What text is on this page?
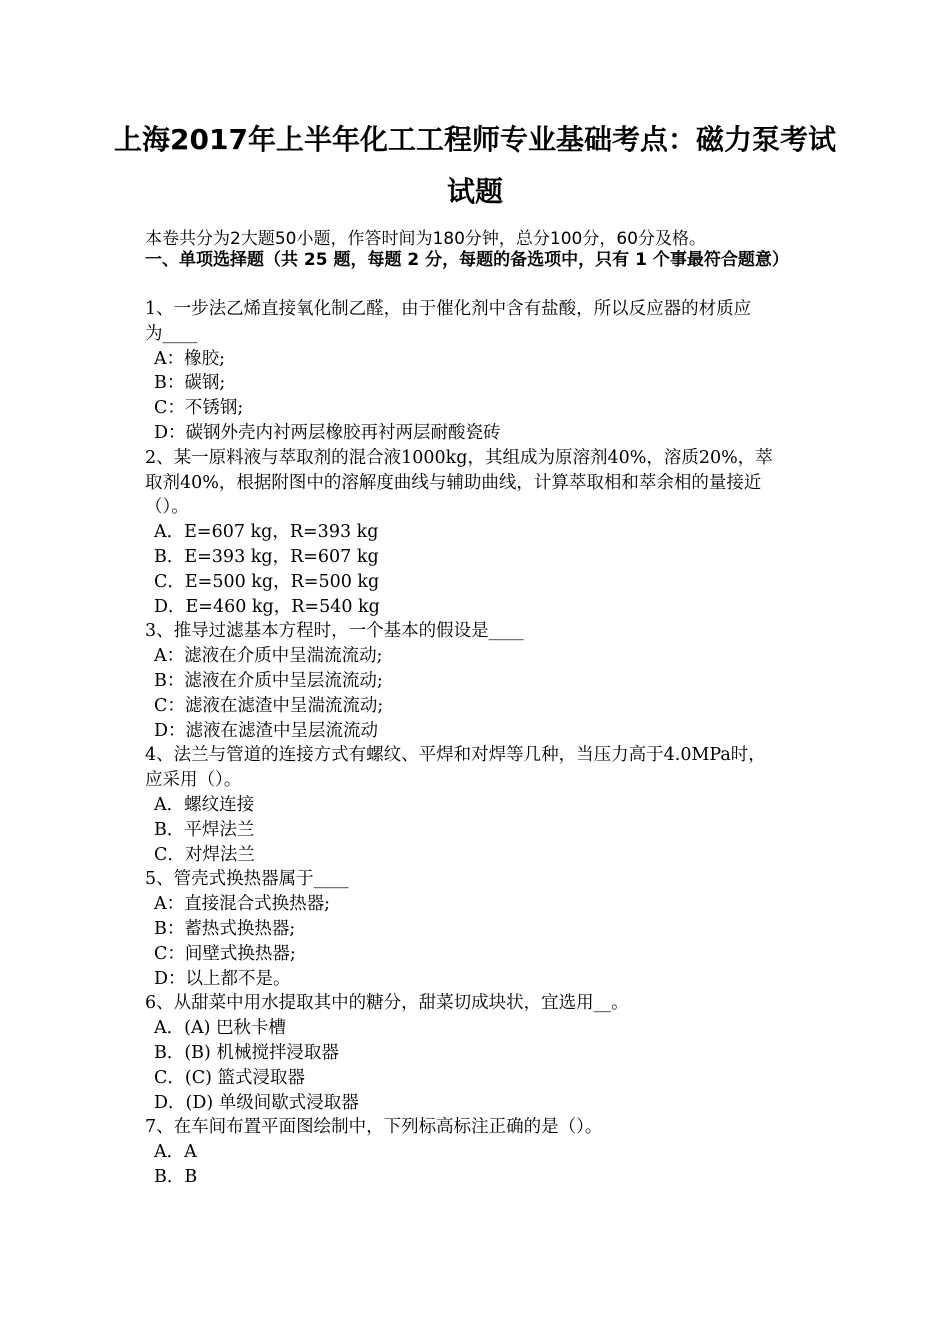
上海2017年上半年化工工程师专业基础考点：磁力泵考试
试题
本卷共分为2大题50小题，作答时间为180分钟，总分100分，60分及格。
一、单项选择题（共 25 题，每题 2 分，每题的备选项中，只有 1 个事最符合题意）
1、一步法乙烯直接氧化制乙醛，由于催化剂中含有盐酸，所以反应器的材质应
为____
A：橡胶;
B：碳钢;
C：不锈钢;
D：碳钢外壳内衬两层橡胶再衬两层耐酸瓷砖
2、某一原料液与萃取剂的混合液1000kg，其组成为原溶剂40%，溶质20%，萃
取剂40%，根据附图中的溶解度曲线与辅助曲线，计算萃取相和萃余相的量接近
（）。
A．E=607 kg，R=393 kg
B．E=393 kg，R=607 kg
C．E=500 kg，R=500 kg
D．E=460 kg，R=540 kg
3、推导过滤基本方程时，一个基本的假设是____
A：滤液在介质中呈湍流流动;
B：滤液在介质中呈层流流动;
C：滤液在滤渣中呈湍流流动;
D：滤液在滤渣中呈层流流动
4、法兰与管道的连接方式有螺纹、平焊和对焊等几种，当压力高于4.0MPa时，
应采用（）。
A．螺纹连接
B．平焊法兰
C．对焊法兰
5、管壳式换热器属于____
A：直接混合式换热器;
B：蓄热式换热器;
C：间壁式换热器;
D：以上都不是。
6、从甜菜中用水提取其中的糖分，甜菜切成块状，宜选用__。
A．(A) 巴秋卡槽
B．(B) 机械搅拌浸取器
C．(C) 篮式浸取器
D．(D) 单级间歇式浸取器
7、在车间布置平面图绘制中，下列标高标注正确的是（）。
A．A
B．B
